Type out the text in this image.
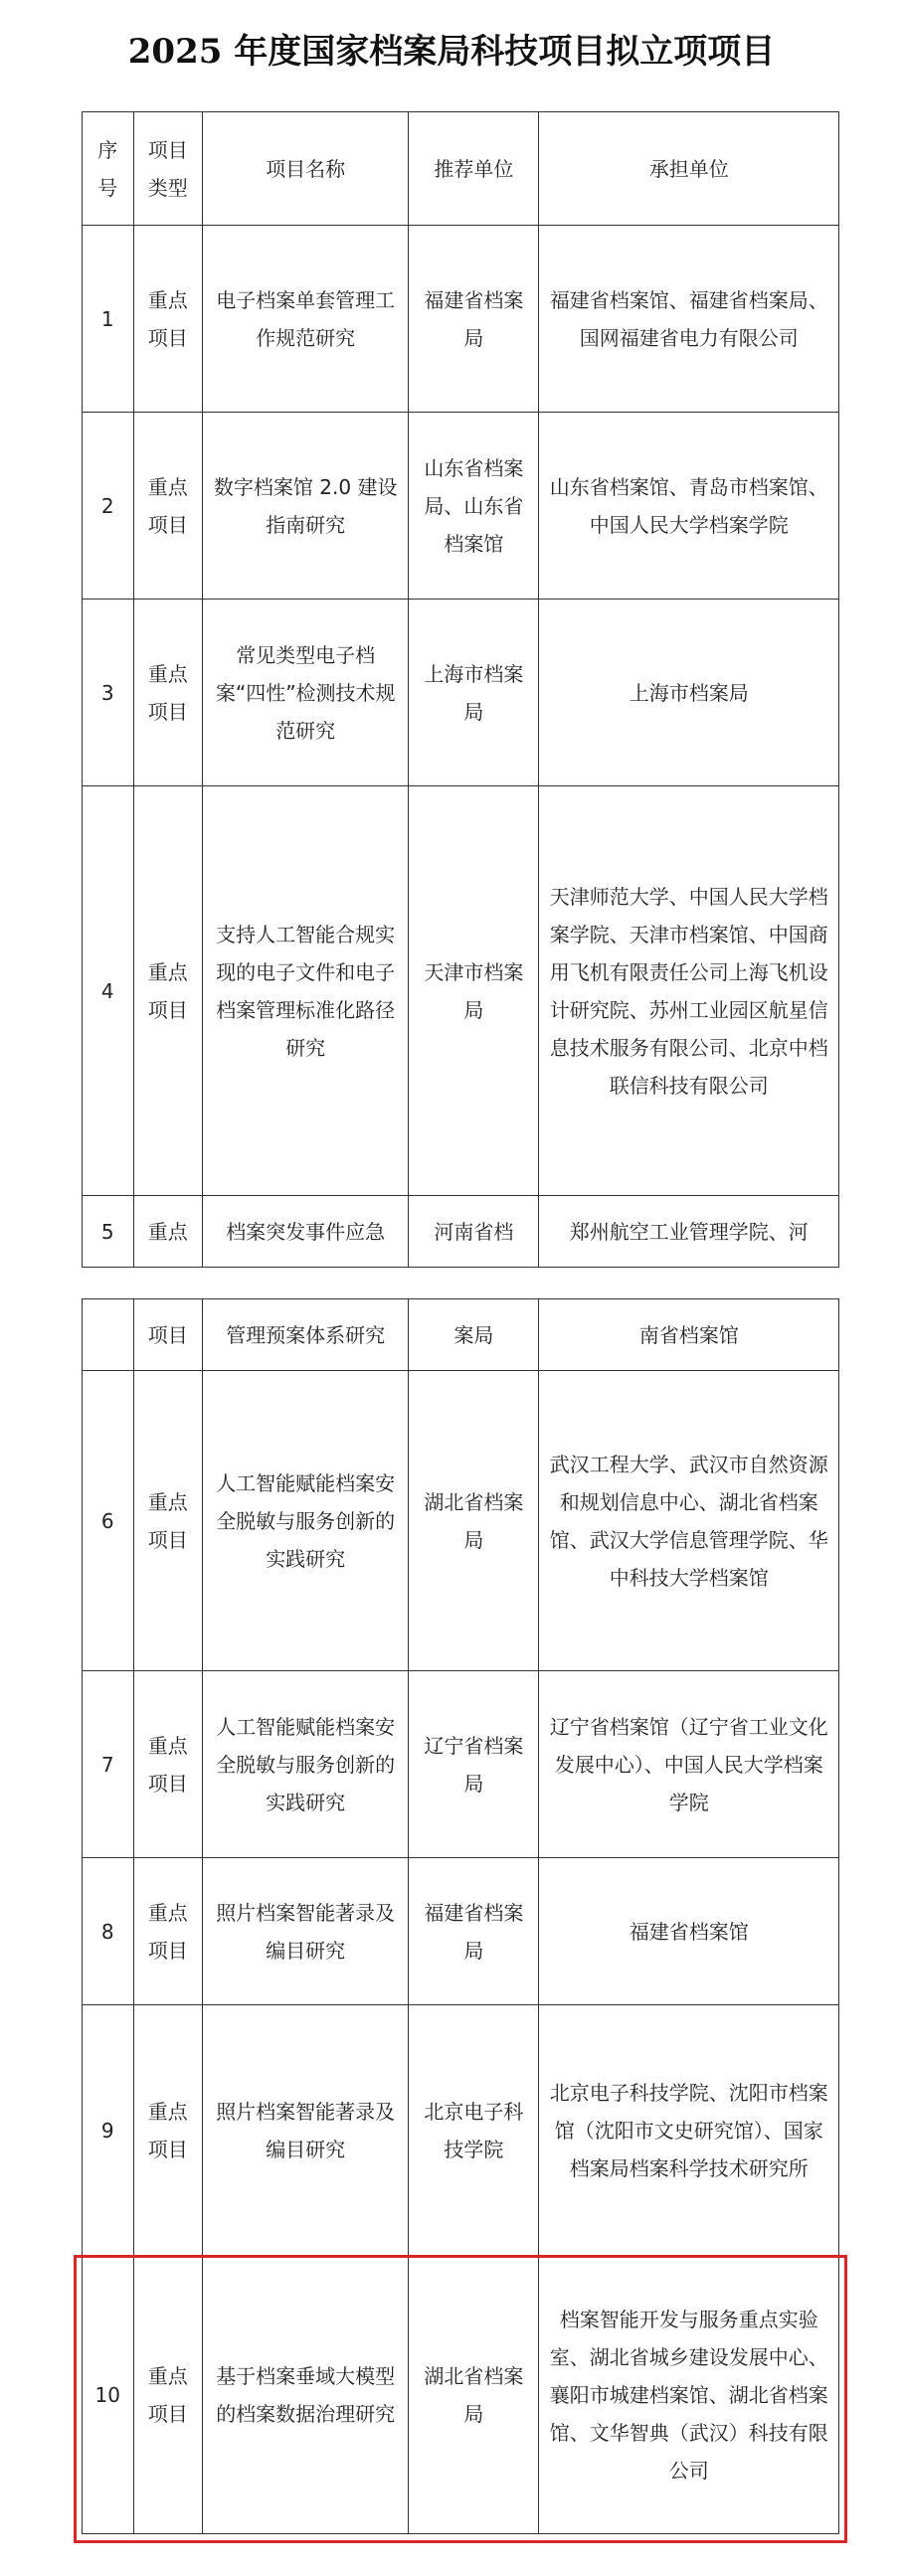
2025 年度国家档案局科技项目拟立项项目
序号	项目类型	项目名称	推荐单位	承担单位
1	重点项目	电子档案单套管理工作规范研究	福建省档案局	福建省档案馆、福建省档案局、国网福建省电力有限公司
2	重点项目	数字档案馆 2.0 建设指南研究	山东省档案局、山东省档案馆	山东省档案馆、青岛市档案馆、中国人民大学档案学院
3	重点项目	常见类型电子档案“四性”检测技术规范研究	上海市档案局	上海市档案局
4	重点项目	支持人工智能合规实现的电子文件和电子档案管理标准化路径研究	天津市档案局	天津师范大学、中国人民大学档案学院、天津市档案馆、中国商用飞机有限责任公司上海飞机设计研究院、苏州工业园区航星信息技术服务有限公司、北京中档联信科技有限公司
5	重点	档案突发事件应急	河南省档	郑州航空工业管理学院、河
	项目	管理预案体系研究	案局	南省档案馆
6	重点项目	人工智能赋能档案安全脱敏与服务创新的实践研究	湖北省档案局	武汉工程大学、武汉市自然资源和规划信息中心、湖北省档案馆、武汉大学信息管理学院、华中科技大学档案馆
7	重点项目	人工智能赋能档案安全脱敏与服务创新的实践研究	辽宁省档案局	辽宁省档案馆（辽宁省工业文化发展中心）、中国人民大学档案学院
8	重点项目	照片档案智能著录及编目研究	福建省档案局	福建省档案馆
9	重点项目	照片档案智能著录及编目研究	北京电子科技学院	北京电子科技学院、沈阳市档案馆（沈阳市文史研究馆）、国家档案局档案科学技术研究所
10	重点项目	基于档案垂域大模型的档案数据治理研究	湖北省档案局	档案智能开发与服务重点实验室、湖北省城乡建设发展中心、襄阳市城建档案馆、湖北省档案馆、文华智典（武汉）科技有限公司
